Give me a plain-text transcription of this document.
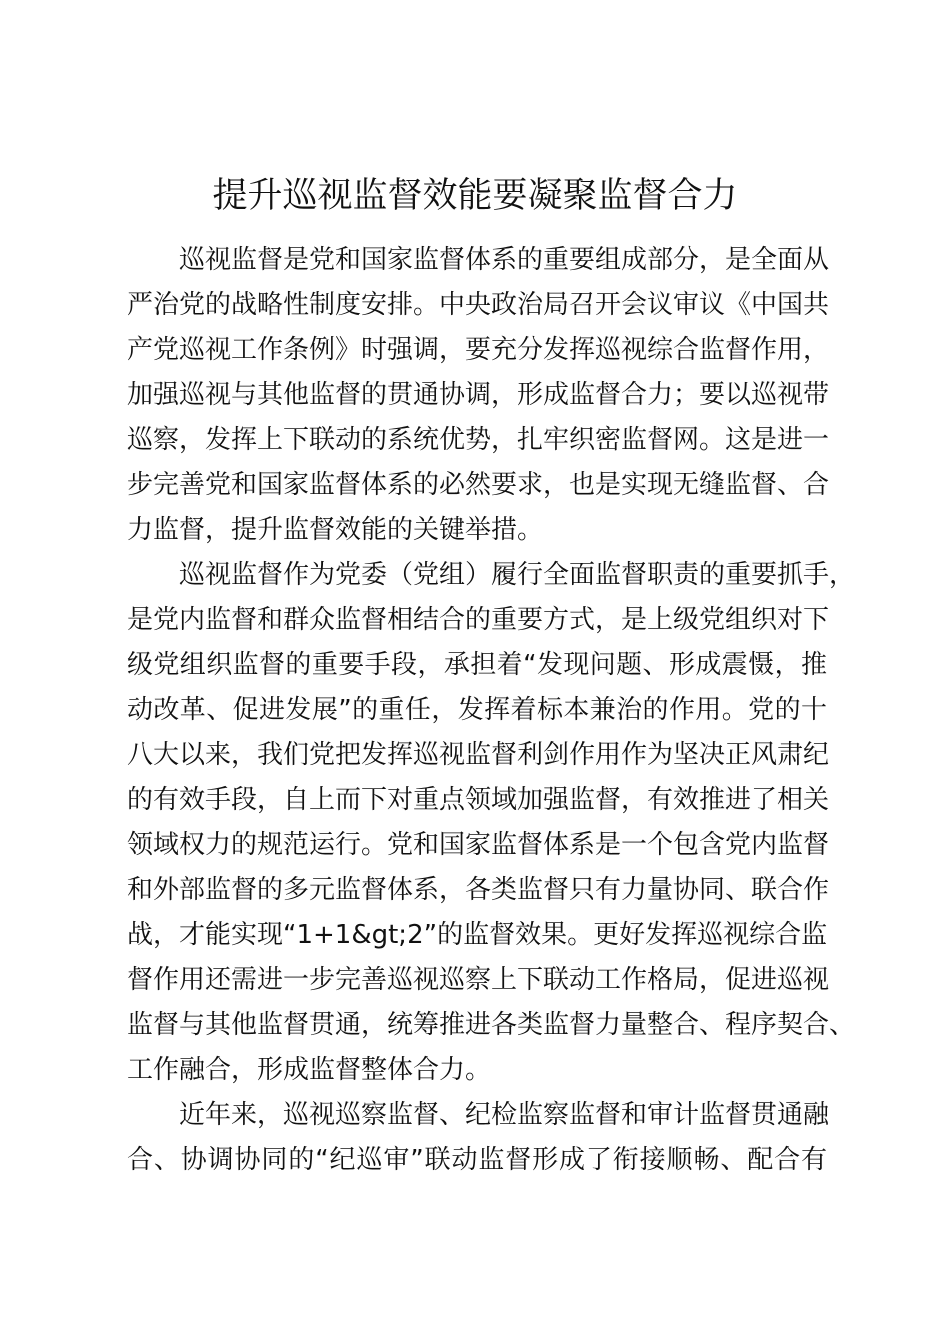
提升巡视监督效能要凝聚监督合力

巡视监督是党和国家监督体系的重要组成部分，是全面从
严治党的战略性制度安排。中央政治局召开会议审议《中国共
产党巡视工作条例》时强调，要充分发挥巡视综合监督作用，
加强巡视与其他监督的贯通协调，形成监督合力；要以巡视带
巡察，发挥上下联动的系统优势，扎牢织密监督网。这是进一
步完善党和国家监督体系的必然要求，也是实现无缝监督、合
力监督，提升监督效能的关键举措。

巡视监督作为党委（党组）履行全面监督职责的重要抓手，
是党内监督和群众监督相结合的重要方式，是上级党组织对下
级党组织监督的重要手段，承担着“发现问题、形成震慑，推
动改革、促进发展”的重任，发挥着标本兼治的作用。党的十
八大以来，我们党把发挥巡视监督利剑作用作为坚决正风肃纪
的有效手段，自上而下对重点领域加强监督，有效推进了相关
领域权力的规范运行。党和国家监督体系是一个包含党内监督
和外部监督的多元监督体系，各类监督只有力量协同、联合作
战，才能实现“1+1&gt;2”的监督效果。更好发挥巡视综合监
督作用还需进一步完善巡视巡察上下联动工作格局，促进巡视
监督与其他监督贯通，统筹推进各类监督力量整合、程序契合、
工作融合，形成监督整体合力。

近年来，巡视巡察监督、纪检监察监督和审计监督贯通融
合、协调协同的“纪巡审”联动监督形成了衔接顺畅、配合有
